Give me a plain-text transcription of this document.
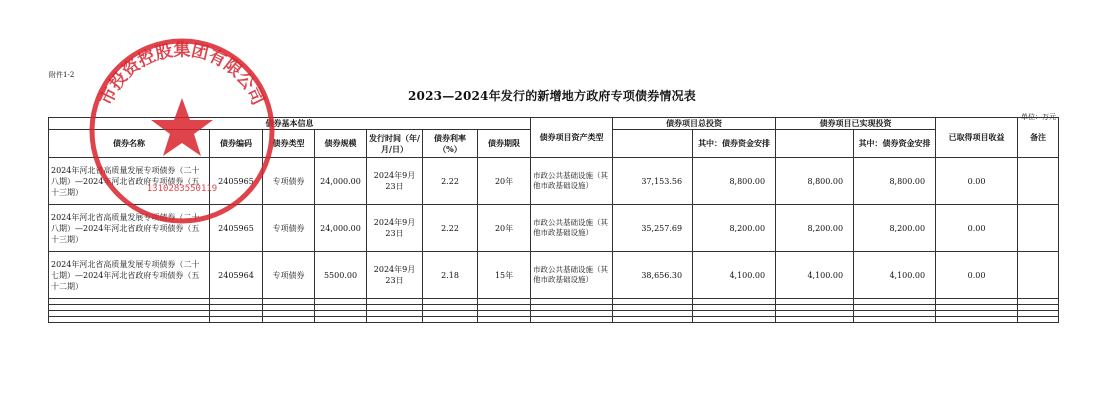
附件1-2
2023—2024年发行的新增地方政府专项债券情况表
单位：万元
债券基本信息							债券项目资产类型	债券项目总投资		债券项目已实现投资		已取得项目收益	备注
债券名称	债券编码	债券类型	债券规模	发行时间（年/月/日）	债券利率（%）	债券期限			其中：债券资金安排		其中：债券资金安排		
2024年河北省高质量发展专项债券（二十八期）—2024年河北省政府专项债券（五十三期）	2405965	专项债券	24,000.00	2024年9月23日	2.22	20年	市政公共基础设施（其他市政基础设施）	37,153.56	8,800.00	8,800.00	8,800.00	0.00	
2024年河北省高质量发展专项债券（二十八期）—2024年河北省政府专项债券（五十三期）	2405965	专项债券	24,000.00	2024年9月23日	2.22	20年	市政公共基础设施（其他市政基础设施）	35,257.69	8,200.00	8,200.00	8,200.00	0.00	
2024年河北省高质量发展专项债券（二十七期）—2024年河北省政府专项债券（五十二期）	2405964	专项债券	5500.00	2024年9月23日	2.18	15年	市政公共基础设施（其他市政基础设施）	38,656.30	4,100.00	4,100.00	4,100.00	0.00	

市投资控股集团有限公司
1310283550119
